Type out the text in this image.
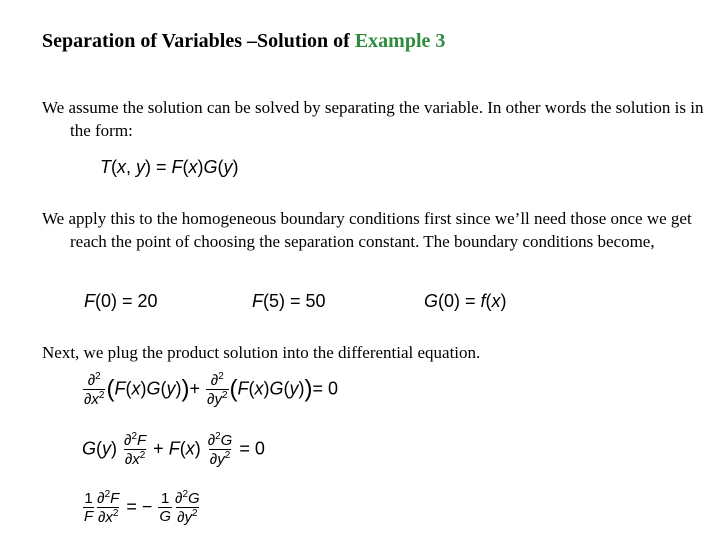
Separation of Variables –Solution of Example 3
We assume the solution can be solved by separating the variable. In other words the solution is in the form:
T(x, y) = F(x)G(y)
We apply this to the homogeneous boundary conditions first since we’ll need those once we get reach the point of choosing the separation constant. The boundary conditions become,
F(0) = 20	F(5) = 50	G(0) = f(x)
Next, we plug the product solution into the differential equation.
$\frac{\partial^2}{\partial x^2} (F(x)G(y))+ \frac{\partial^2}{\partial y^2} (F(x)G(y))= 0$
$G(y) \frac{\partial^2F}{\partial x^2} + F(x) \frac{\partial^2G}{\partial y^2} = 0$
$\frac{1}{F} \frac{\partial^2F}{\partial x^2}$ = − $\frac{1}{G} \frac{\partial^2G}{\partial y^2}$
